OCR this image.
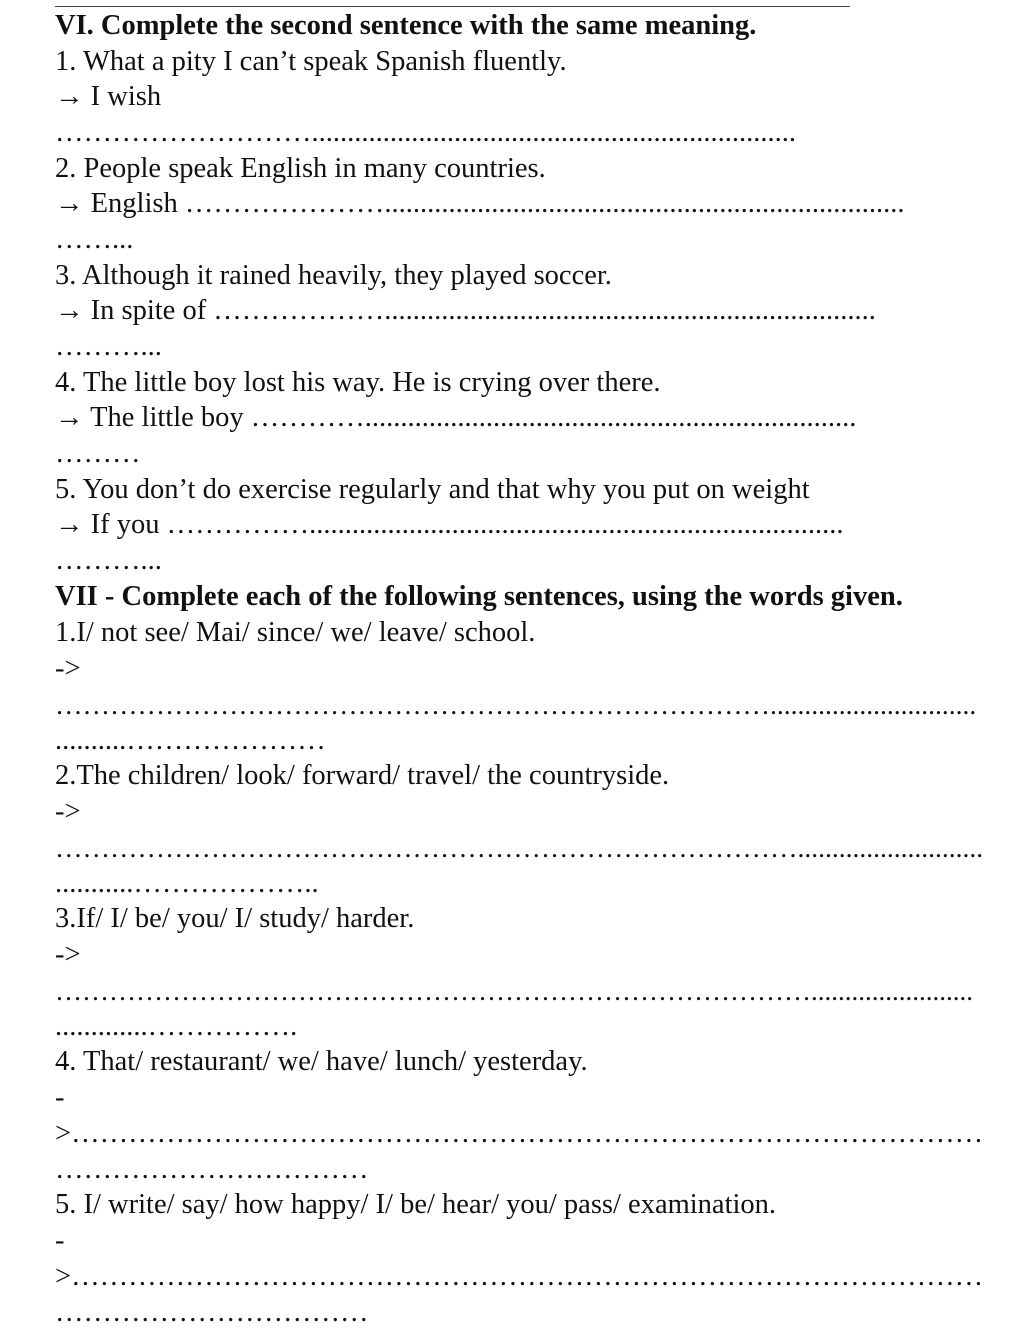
VI. Complete the second sentence with the same meaning.

1. What a pity I can’t speak Spanish fluently.

→ I wish

………………………....................................................................

2. People speak English in many countries.

→ English ………………….........................................................................

……...

3. Although it rained heavily, they played soccer.

→ In spite of ……………….....................................................................

………...

4. The little boy lost his way. He is crying over there.

→ The little boy ………….....................................................................

………

5. You don’t do exercise regularly and that why you put on weight

→ If you ……………...........................................................................

………...

VII - Complete each of the following sentences, using the words given.

1.I/ not see/ Mai/ since/ we/ leave/ school.

->

……………………………………………………………………..............................

..........…………………

2.The children/ look/ forward/ travel/ the countryside.

->

………………………………………………………………………...........................

...........………………..

3.If/ I/ be/ you/ I/ study/ harder.

->

…………………………………………………………………………........................

.............…………….

4. That/ restaurant/ we/ have/ lunch/ yesterday.

-

>……………………………………………………………………………………

……………………………

5. I/ write/ say/ how happy/ I/ be/ hear/ you/ pass/ examination.

-

>……………………………………………………………………………………

……………………………
